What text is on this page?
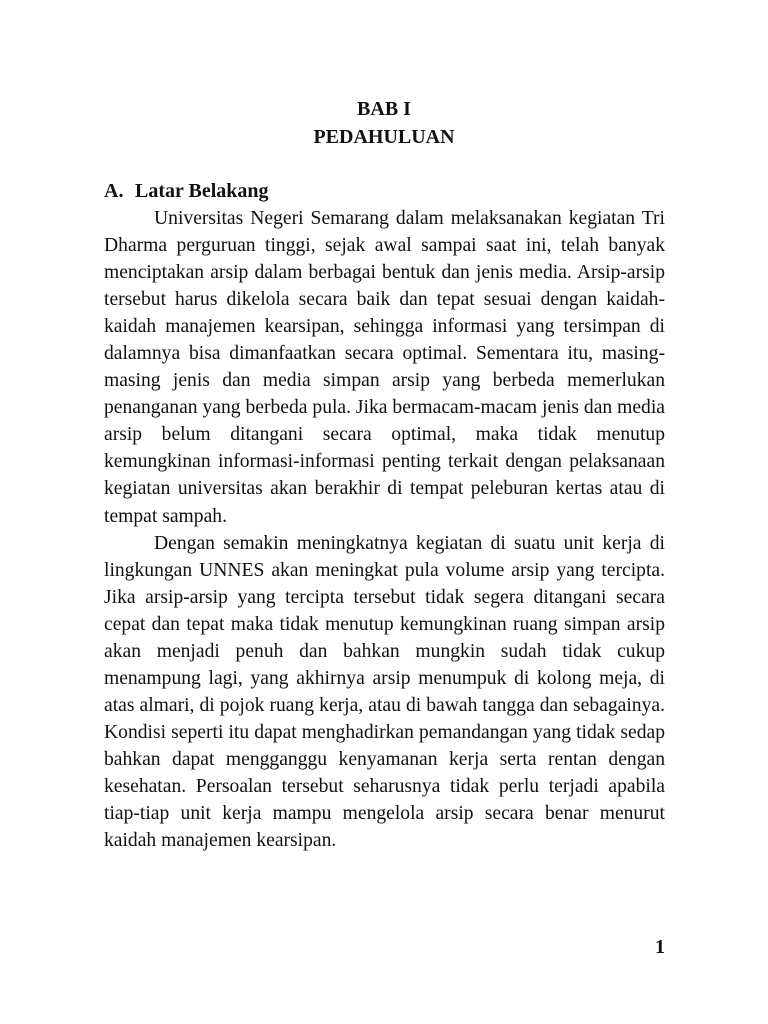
BAB I
PEDAHULUAN
A. Latar Belakang

Universitas Negeri Semarang dalam melaksanakan kegiatan Tri Dharma perguruan tinggi, sejak awal sampai saat ini, telah banyak menciptakan arsip dalam berbagai bentuk dan jenis media. Arsip-arsip tersebut harus dikelola secara baik dan tepat sesuai dengan kaidah-kaidah manajemen kearsipan, sehingga informasi yang tersimpan di dalamnya bisa dimanfaatkan secara optimal. Sementara itu, masing-masing jenis dan media simpan arsip yang berbeda memerlukan penanganan yang berbeda pula. Jika bermacam-macam jenis dan media arsip belum ditangani secara optimal, maka tidak menutup kemungkinan informasi-informasi penting terkait dengan pelaksanaan kegiatan universitas akan berakhir di tempat peleburan kertas atau di tempat sampah.

Dengan semakin meningkatnya kegiatan di suatu unit kerja di lingkungan UNNES akan meningkat pula volume arsip yang tercipta. Jika arsip-arsip yang tercipta tersebut tidak segera ditangani secara cepat dan tepat maka tidak menutup kemungkinan ruang simpan arsip akan menjadi penuh dan bahkan mungkin sudah tidak cukup menampung lagi, yang akhirnya arsip menumpuk di kolong meja, di atas almari, di pojok ruang kerja, atau di bawah tangga dan sebagainya. Kondisi seperti itu dapat menghadirkan pemandangan yang tidak sedap bahkan dapat mengganggu kenyamanan kerja serta rentan dengan kesehatan. Persoalan tersebut seharusnya tidak perlu terjadi apabila tiap-tiap unit kerja mampu mengelola arsip secara benar menurut kaidah manajemen kearsipan.

1
